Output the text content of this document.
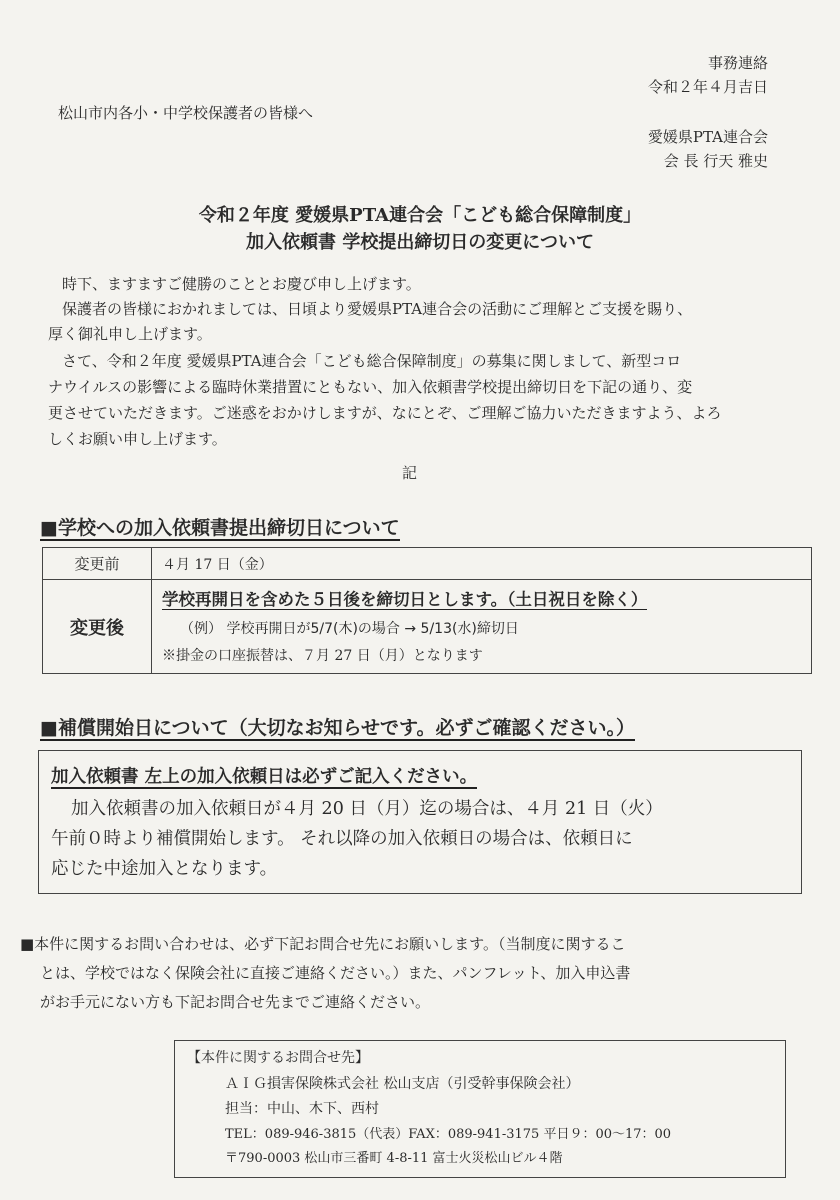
事務連絡
令和２年４月吉日
松山市内各小・中学校保護者の皆様へ
愛媛県PTA連合会
会 長 行天 雅史
令和２年度 愛媛県PTA連合会「こども総合保障制度」
加入依頼書 学校提出締切日の変更について
時下、ますますご健勝のこととお慶び申し上げます。
保護者の皆様におかれましては、日頃より愛媛県PTA連合会の活動にご理解とご支援を賜り、
厚く御礼申し上げます。
さて、令和２年度 愛媛県PTA連合会「こども総合保障制度」の募集に関しまして、新型コロ
ナウイルスの影響による臨時休業措置にともない、加入依頼書学校提出締切日を下記の通り、変
更させていただきます。ご迷惑をおかけしますが、なにとぞ、ご理解ご協力いただきますよう、よろ
しくお願い申し上げます。
記
■学校への加入依頼書提出締切日について
変更前	４月 17 日（金）
変更後	学校再開日を含めた５日後を締切日とします。（土日祝日を除く）
（例） 学校再開日が5/7(木)の場合 → 5/13(水)締切日
※掛金の口座振替は、７月 27 日（月）となります
■補償開始日について（大切なお知らせです。必ずご確認ください。）
加入依頼書 左上の加入依頼日は必ずご記入ください。
加入依頼書の加入依頼日が４月 20 日（月）迄の場合は、４月 21 日（火）
午前０時より補償開始します。 それ以降の加入依頼日の場合は、依頼日に
応じた中途加入となります。
■本件に関するお問い合わせは、必ず下記お問合せ先にお願いします。（当制度に関するこ
とは、学校ではなく保険会社に直接ご連絡ください。）また、パンフレット、加入申込書
がお手元にない方も下記お問合せ先までご連絡ください。
【本件に関するお問合せ先】
ＡＩＧ損害保険株式会社 松山支店（引受幹事保険会社）
担当：中山、木下、西村
TEL：089-946-3815（代表）FAX：089-941-3175 平日９：00～17：00
〒790-0003 松山市三番町 4-8-11 富士火災松山ビル４階
